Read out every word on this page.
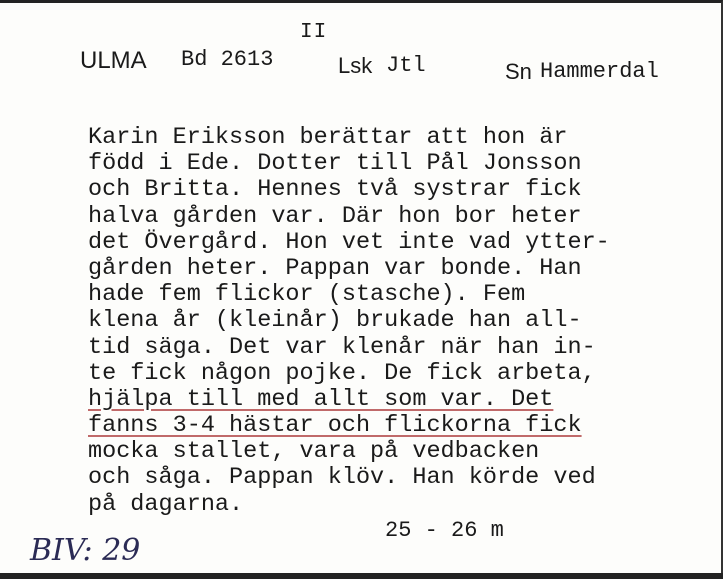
II
ULMA Bd 2613	Lsk Jtl	Sn Hammerdal
Karin Eriksson berättar att hon är
född i Ede. Dotter till Pål Jonsson
och Britta. Hennes två systrar fick
halva gården var. Där hon bor heter
det Övergård. Hon vet inte vad ytter-
gården heter. Pappan var bonde. Han
hade fem flickor (stasche). Fem
klena år (kleinår) brukade han all-
tid säga. Det var klenår när han in-
te fick någon pojke. De fick arbeta,
hjälpa till med allt som var. Det
fanns 3-4 hästar och flickorna fick
mocka stallet, vara på vedbacken
och såga. Pappan klöv. Han körde ved
på dagarna.
25 - 26 m
BIV: 29
